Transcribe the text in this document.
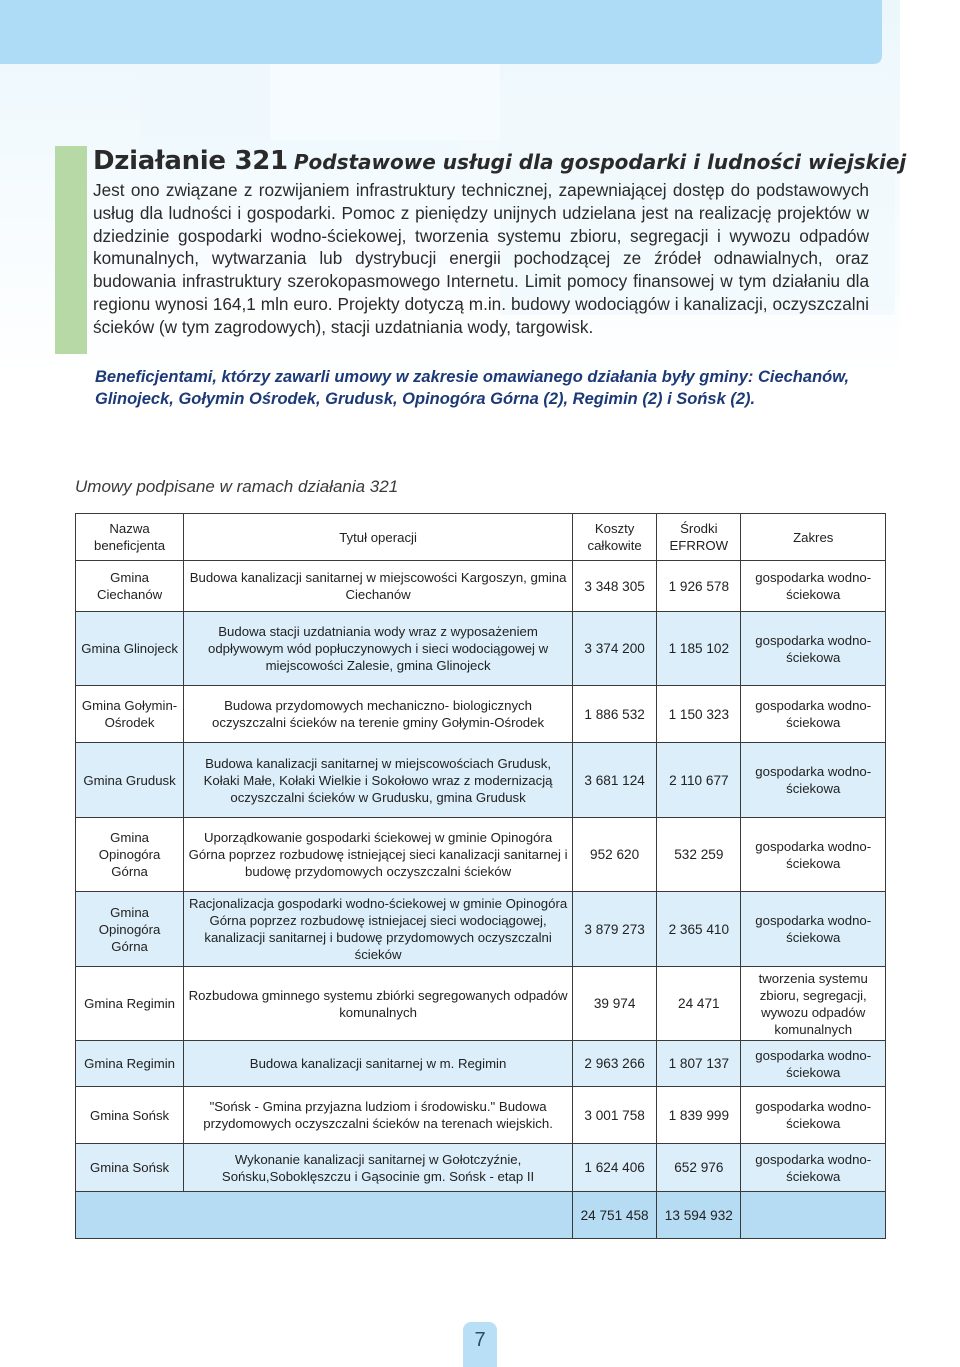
Działanie 321 Podstawowe usługi dla gospodarki i ludności wiejskiej

Jest ono związane z rozwijaniem infrastruktury technicznej, zapewniającej dostęp do podstawowych usług dla ludności i gospodarki. Pomoc z pieniędzy unijnych udzielana jest na realizację projektów w dziedzinie gospodarki wodno-ściekowej, tworzenia systemu zbioru, segregacji i wywozu odpadów komunalnych, wytwarzania lub dystrybucji energii pochodzącej ze źródeł odnawialnych, oraz budowania infrastruktury szerokopasmowego Internetu. Limit pomocy finansowej w tym działaniu dla regionu wynosi 164,1 mln euro. Projekty dotyczą m.in. budowy wodociągów i kanalizacji, oczyszczalni ścieków (w tym zagrodowych), stacji uzdatniania wody, targowisk.

Beneficjentami, którzy zawarli umowy w zakresie omawianego działania były gminy: Ciechanów, Glinojeck, Gołymin Ośrodek, Grudusk, Opinogóra Górna (2), Regimin (2) i Sońsk (2).

Umowy podpisane w ramach działania 321
Nazwa beneficjenta	Tytuł operacji	Koszty całkowite	Środki EFRROW	Zakres
Gmina Ciechanów	Budowa kanalizacji sanitarnej w miejscowości Kargoszyn, gmina Ciechanów	3 348 305	1 926 578	gospodarka wodno-ściekowa
Gmina Glinojeck	Budowa stacji uzdatniania wody wraz z wyposażeniem odpływowym wód popłuczynowych i sieci wodociągowej w miejscowości Zalesie, gmina Glinojeck	3 374 200	1 185 102	gospodarka wodno-ściekowa
Gmina Gołymin-Ośrodek	Budowa przydomowych mechaniczno- biologicznych oczyszczalni ścieków na terenie gminy Gołymin-Ośrodek	1 886 532	1 150 323	gospodarka wodno-ściekowa
Gmina Grudusk	Budowa kanalizacji sanitarnej w miejscowościach Grudusk, Kołaki Małe, Kołaki Wielkie i Sokołowo wraz z modernizacją oczyszczalni ścieków w Grudusku, gmina Grudusk	3 681 124	2 110 677	gospodarka wodno-ściekowa
Gmina Opinogóra Górna	Uporządkowanie gospodarki ściekowej w gminie Opinogóra Górna poprzez rozbudowę istniejącej sieci kanalizacji sanitarnej i budowę przydomowych oczyszczalni ścieków	952 620	532 259	gospodarka wodno-ściekowa
Gmina Opinogóra Górna	Racjonalizacja gospodarki wodno-ściekowej w gminie Opinogóra Górna poprzez rozbudowę istniejacej sieci wodociągowej, kanalizacji sanitarnej i budowę przydomowych oczyszczalni ścieków	3 879 273	2 365 410	gospodarka wodno-ściekowa
Gmina Regimin	Rozbudowa gminnego systemu zbiórki segregowanych odpadów komunalnych	39 974	24 471	tworzenia systemu zbioru, segregacji, wywozu odpadów komunalnych
Gmina Regimin	Budowa kanalizacji sanitarnej w m. Regimin	2 963 266	1 807 137	gospodarka wodno-ściekowa
Gmina Sońsk	"Sońsk - Gmina przyjazna ludziom i środowisku." Budowa przydomowych oczyszczalni ścieków na terenach wiejskich.	3 001 758	1 839 999	gospodarka wodno-ściekowa
Gmina Sońsk	Wykonanie kanalizacji sanitarnej w Gołotczyźnie, Sońsku,Soboklęszczu i Gąsocinie gm. Sońsk - etap II	1 624 406	652 976	gospodarka wodno-ściekowa
		24 751 458	13 594 932	
7
